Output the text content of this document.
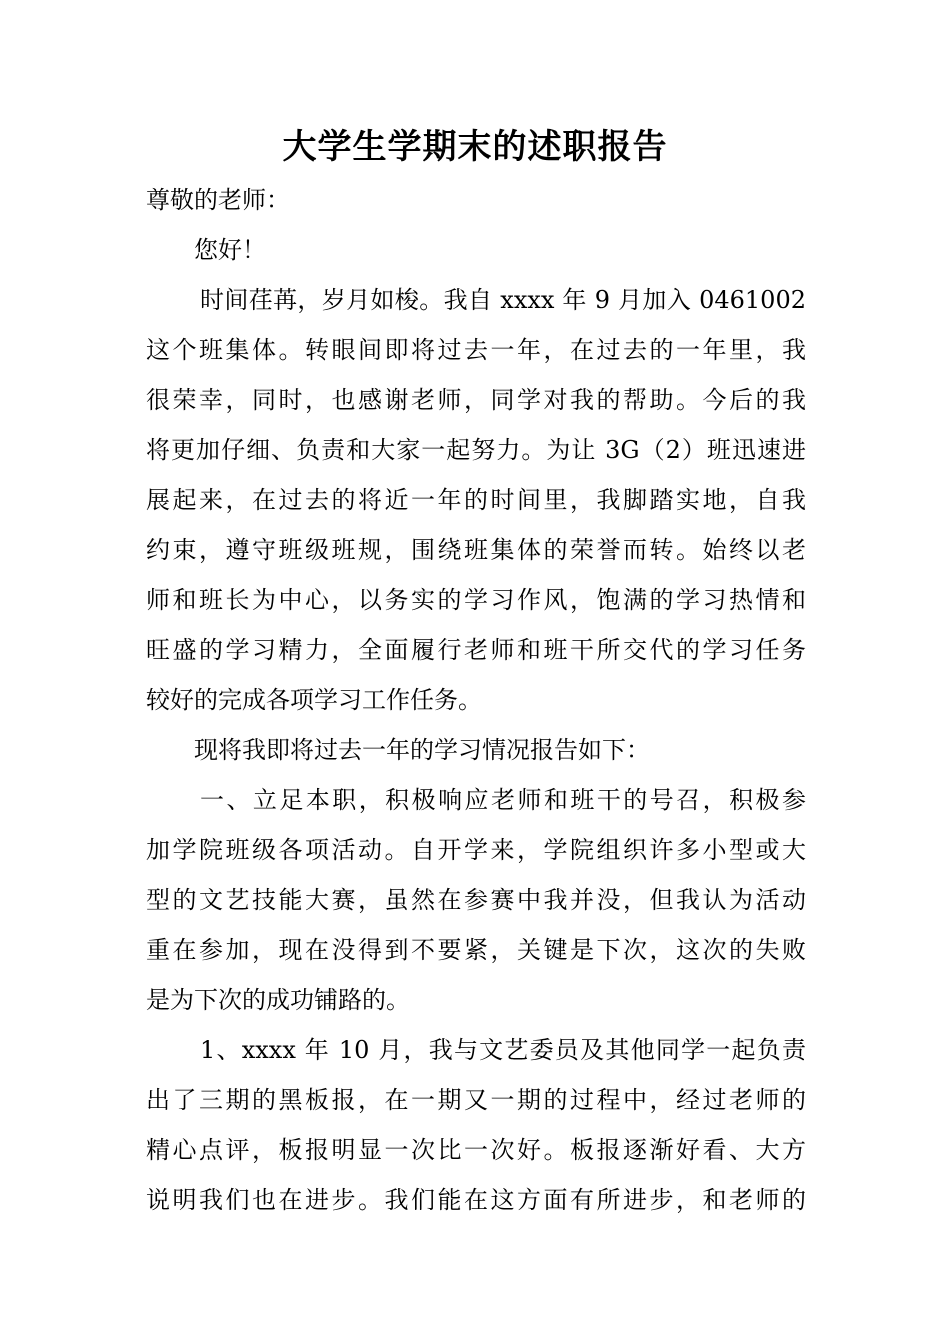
大学生学期末的述职报告
尊敬的老师：
您好！
时间荏苒，岁月如梭。我自 xxxx 年 9 月加入 0461002
这个班集体。转眼间即将过去一年，在过去的一年里，我
很荣幸，同时，也感谢老师，同学对我的帮助。今后的我
将更加仔细、负责和大家一起努力。为让 3G（2）班迅速进
展起来，在过去的将近一年的时间里，我脚踏实地，自我
约束，遵守班级班规，围绕班集体的荣誉而转。始终以老
师和班长为中心，以务实的学习作风，饱满的学习热情和
旺盛的学习精力，全面履行老师和班干所交代的学习任务
较好的完成各项学习工作任务。
现将我即将过去一年的学习情况报告如下：
一、立足本职，积极响应老师和班干的号召，积极参
加学院班级各项活动。自开学来，学院组织许多小型或大
型的文艺技能大赛，虽然在参赛中我并没，但我认为活动
重在参加，现在没得到不要紧，关键是下次，这次的失败
是为下次的成功铺路的。
1、xxxx 年 10 月，我与文艺委员及其他同学一起负责
出了三期的黑板报，在一期又一期的过程中，经过老师的
精心点评，板报明显一次比一次好。板报逐渐好看、大方
说明我们也在进步。我们能在这方面有所进步，和老师的
